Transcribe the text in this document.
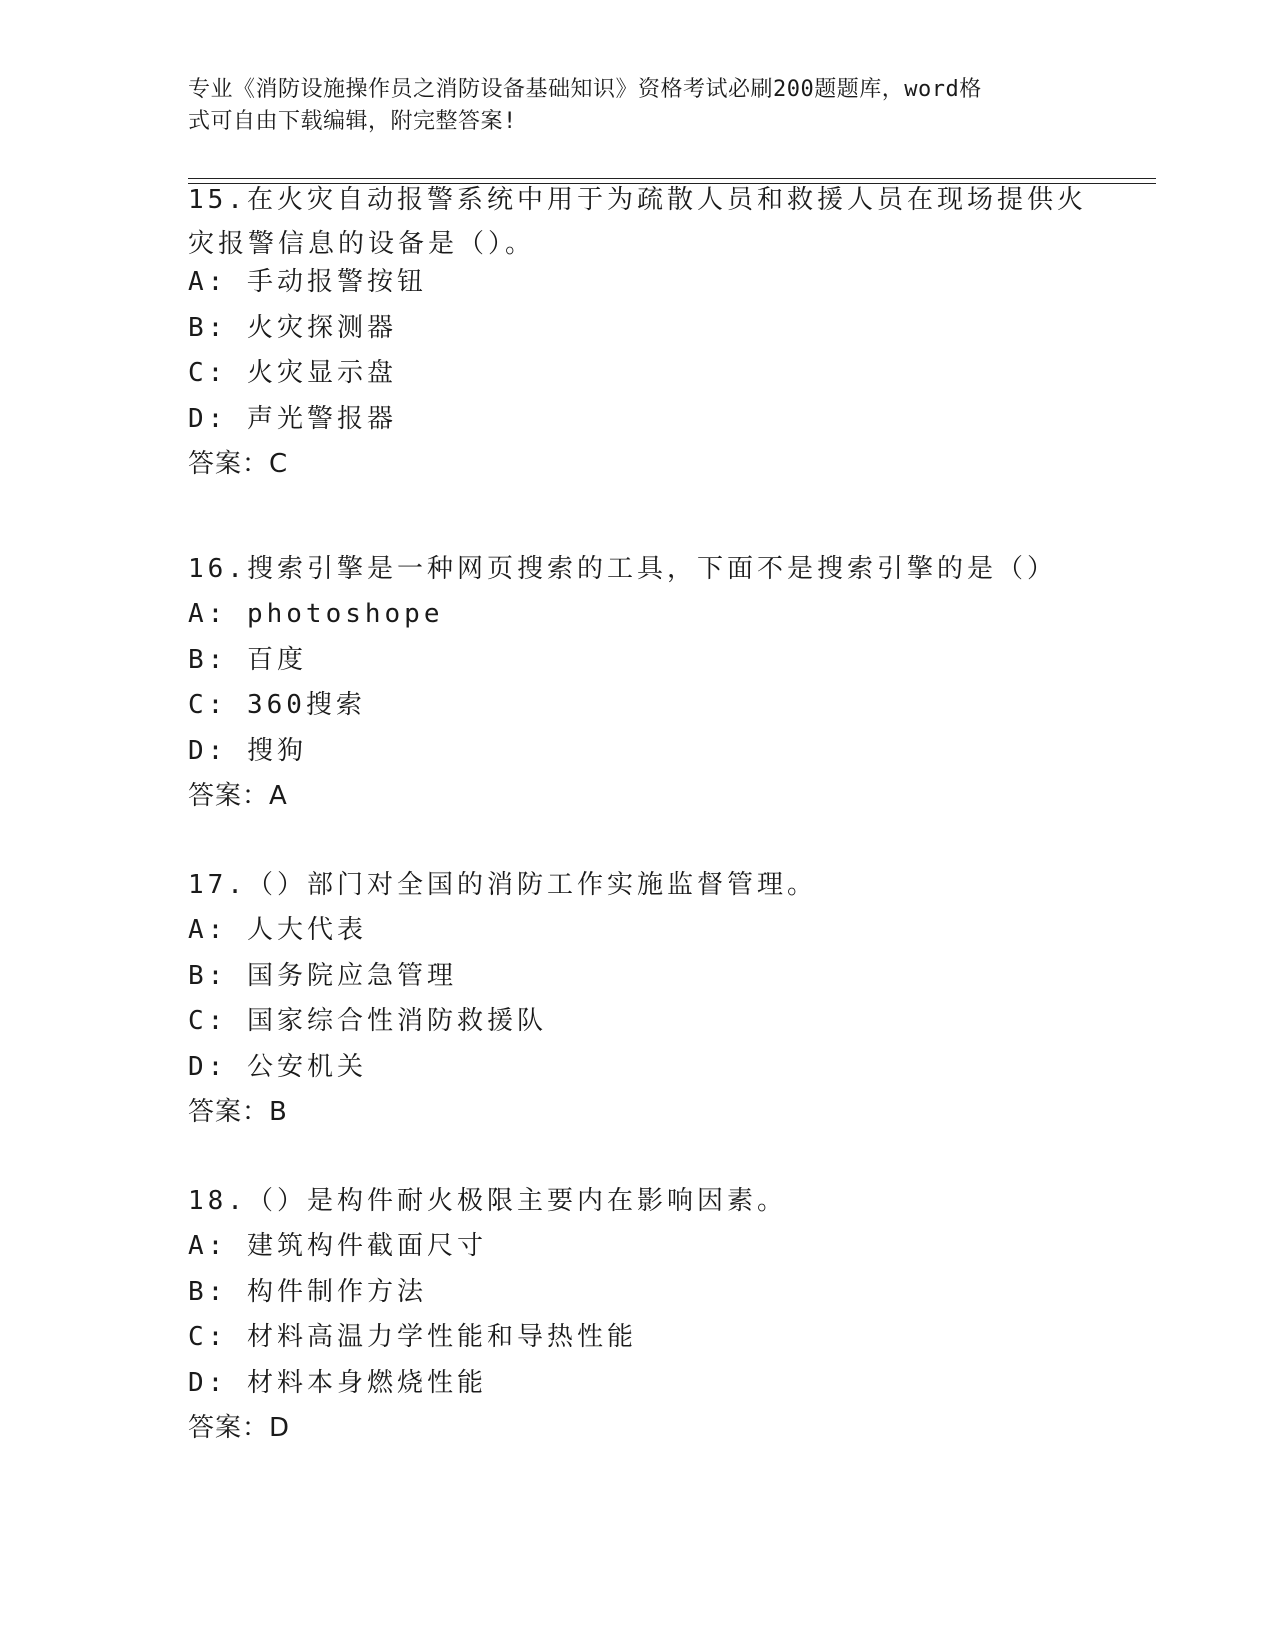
专业《消防设施操作员之消防设备基础知识》资格考试必刷200题题库，word格
式可自由下载编辑，附完整答案!
15.在火灾自动报警系统中用于为疏散人员和救援人员在现场提供火灾报警信息的设备是（）。
A: 手动报警按钮
B: 火灾探测器
C: 火灾显示盘
D: 声光警报器
答案：C
16.搜索引擎是一种网页搜索的工具，下面不是搜索引擎的是（）
A: photoshope
B: 百度
C: 360搜索
D: 搜狗
答案：A
17.（）部门对全国的消防工作实施监督管理。
A: 人大代表
B: 国务院应急管理
C: 国家综合性消防救援队
D: 公安机关
答案：B
18.（）是构件耐火极限主要内在影响因素。
A: 建筑构件截面尺寸
B: 构件制作方法
C: 材料高温力学性能和导热性能
D: 材料本身燃烧性能
答案：D
